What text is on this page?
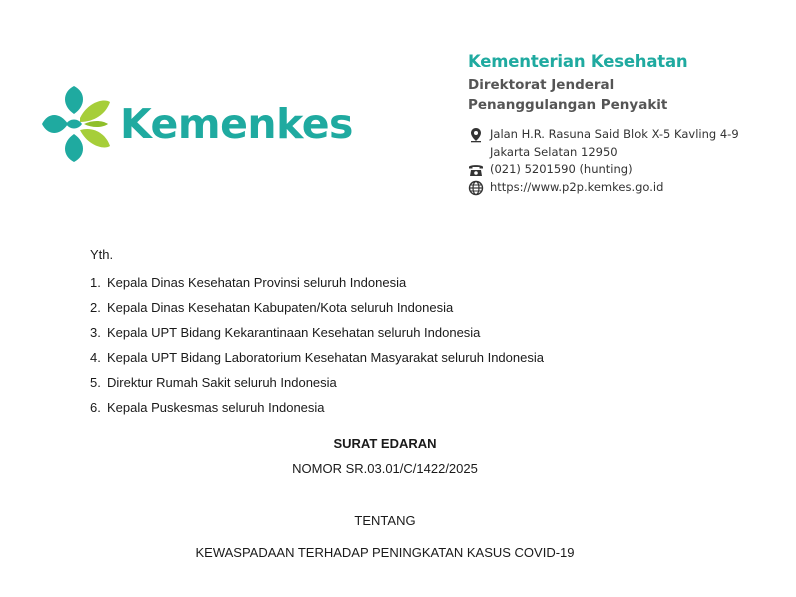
Kemenkes
Kementerian Kesehatan
Direktorat Jenderal
Penanggulangan Penyakit
Jalan H.R. Rasuna Said Blok X-5 Kavling 4-9
Jakarta Selatan 12950
(021) 5201590 (hunting)
https://www.p2p.kemkes.go.id
Yth.
1. Kepala Dinas Kesehatan Provinsi seluruh Indonesia
2. Kepala Dinas Kesehatan Kabupaten/Kota seluruh Indonesia
3. Kepala UPT Bidang Kekarantinaan Kesehatan seluruh Indonesia
4. Kepala UPT Bidang Laboratorium Kesehatan Masyarakat seluruh Indonesia
5. Direktur Rumah Sakit seluruh Indonesia
6. Kepala Puskesmas seluruh Indonesia
SURAT EDARAN
NOMOR SR.03.01/C/1422/2025
TENTANG
KEWASPADAAN TERHADAP PENINGKATAN KASUS COVID-19
